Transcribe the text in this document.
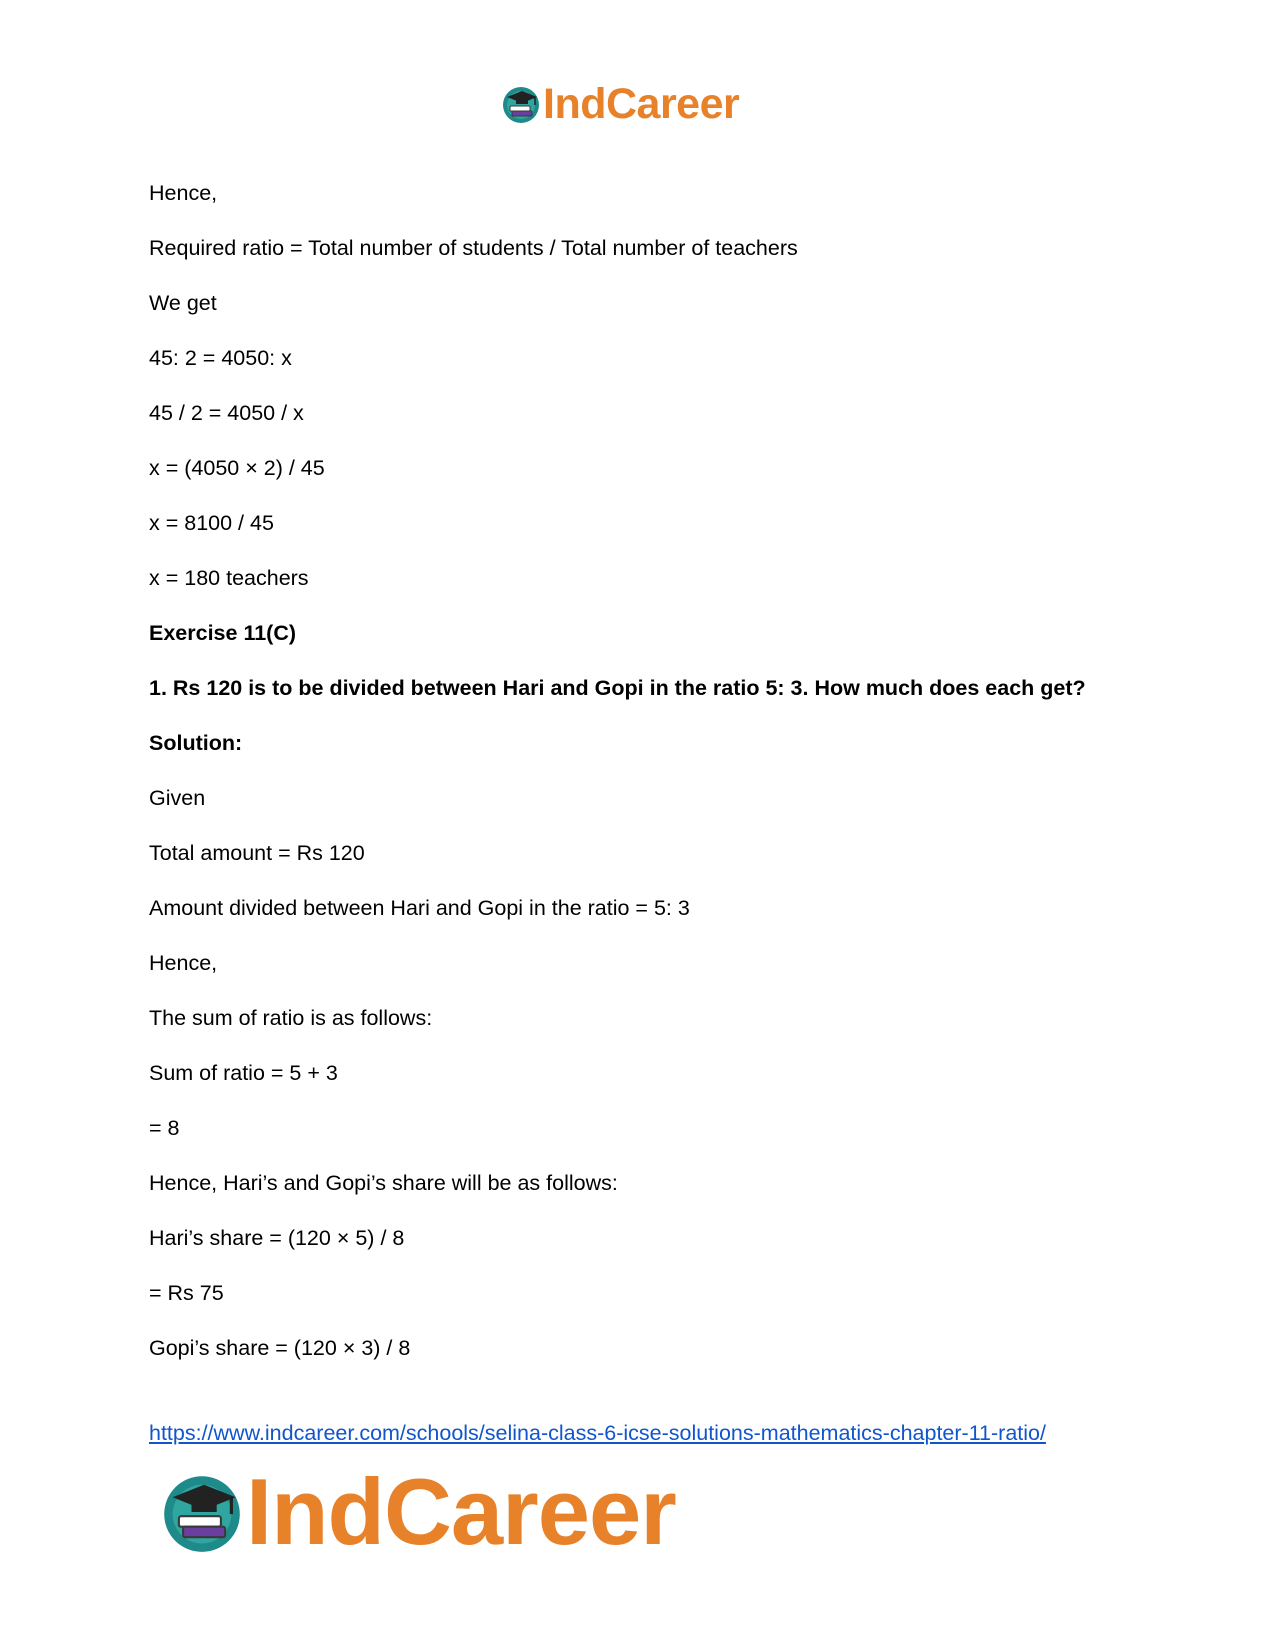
IndCareer

Hence,

Required ratio = Total number of students / Total number of teachers

We get

45: 2 = 4050: x

45 / 2 = 4050 / x

x = (4050 × 2) / 45

x = 8100 / 45

x = 180 teachers

Exercise 11(C)

1. Rs 120 is to be divided between Hari and Gopi in the ratio 5: 3. How much does each get?

Solution:

Given

Total amount = Rs 120

Amount divided between Hari and Gopi in the ratio = 5: 3

Hence,

The sum of ratio is as follows:

Sum of ratio = 5 + 3

= 8

Hence, Hari’s and Gopi’s share will be as follows:

Hari’s share = (120 × 5) / 8

= Rs 75

Gopi’s share = (120 × 3) / 8

https://www.indcareer.com/schools/selina-class-6-icse-solutions-mathematics-chapter-11-ratio/
IndCareer
